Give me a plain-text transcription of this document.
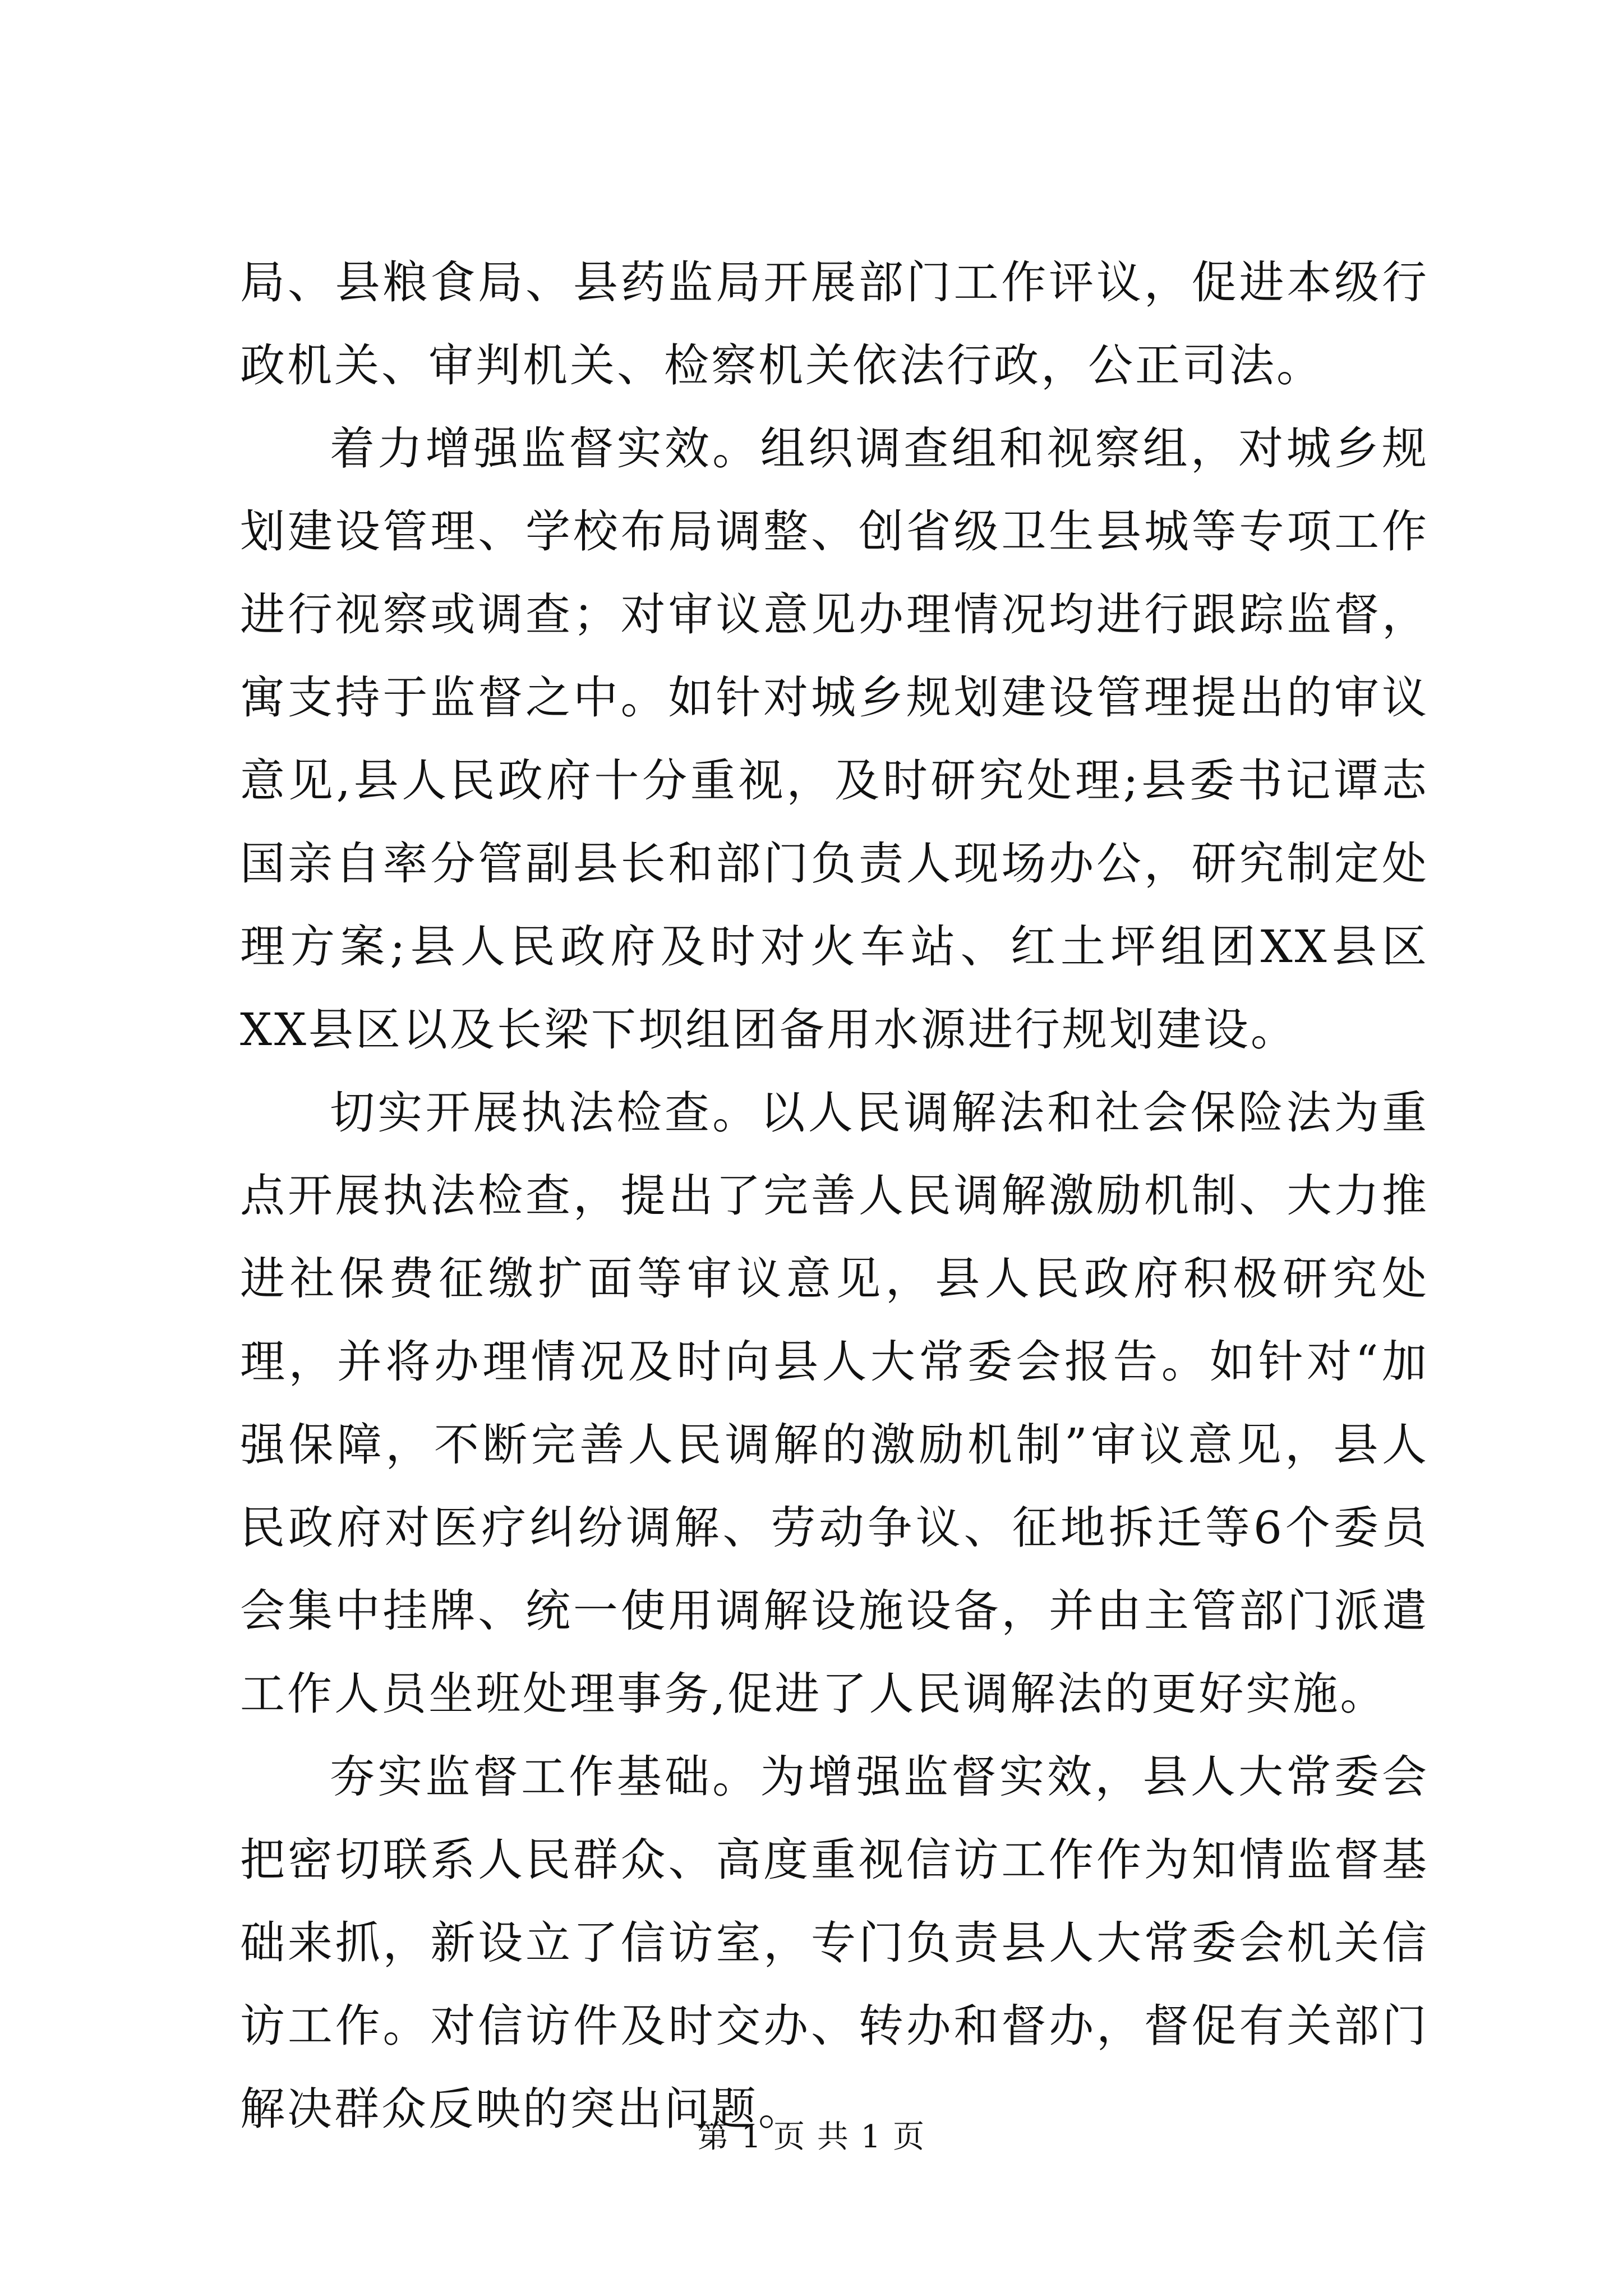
局、县粮食局、县药监局开展部门工作评议，促进本级行政机关、审判机关、检察机关依法行政，公正司法。

着力增强监督实效。组织调查组和视察组，对城乡规划建设管理、学校布局调整、创省级卫生县城等专项工作进行视察或调查；对审议意见办理情况均进行跟踪监督，寓支持于监督之中。如针对城乡规划建设管理提出的审议意见,县人民政府十分重视，及时研究处理;县委书记谭志国亲自率分管副县长和部门负责人现场办公，研究制定处理方案;县人民政府及时对火车站、红土坪组团XX县区XX县区以及长梁下坝组团备用水源进行规划建设。

切实开展执法检查。以人民调解法和社会保险法为重点开展执法检查，提出了完善人民调解激励机制、大力推进社保费征缴扩面等审议意见，县人民政府积极研究处理，并将办理情况及时向县人大常委会报告。如针对“加强保障，不断完善人民调解的激励机制”审议意见，县人民政府对医疗纠纷调解、劳动争议、征地拆迁等6个委员会集中挂牌、统一使用调解设施设备，并由主管部门派遣工作人员坐班处理事务,促进了人民调解法的更好实施。

夯实监督工作基础。为增强监督实效，县人大常委会把密切联系人民群众、高度重视信访工作作为知情监督基础来抓，新设立了信访室，专门负责县人大常委会机关信访工作。对信访件及时交办、转办和督办，督促有关部门解决群众反映的突出问题。

第 1 页 共 1 页
